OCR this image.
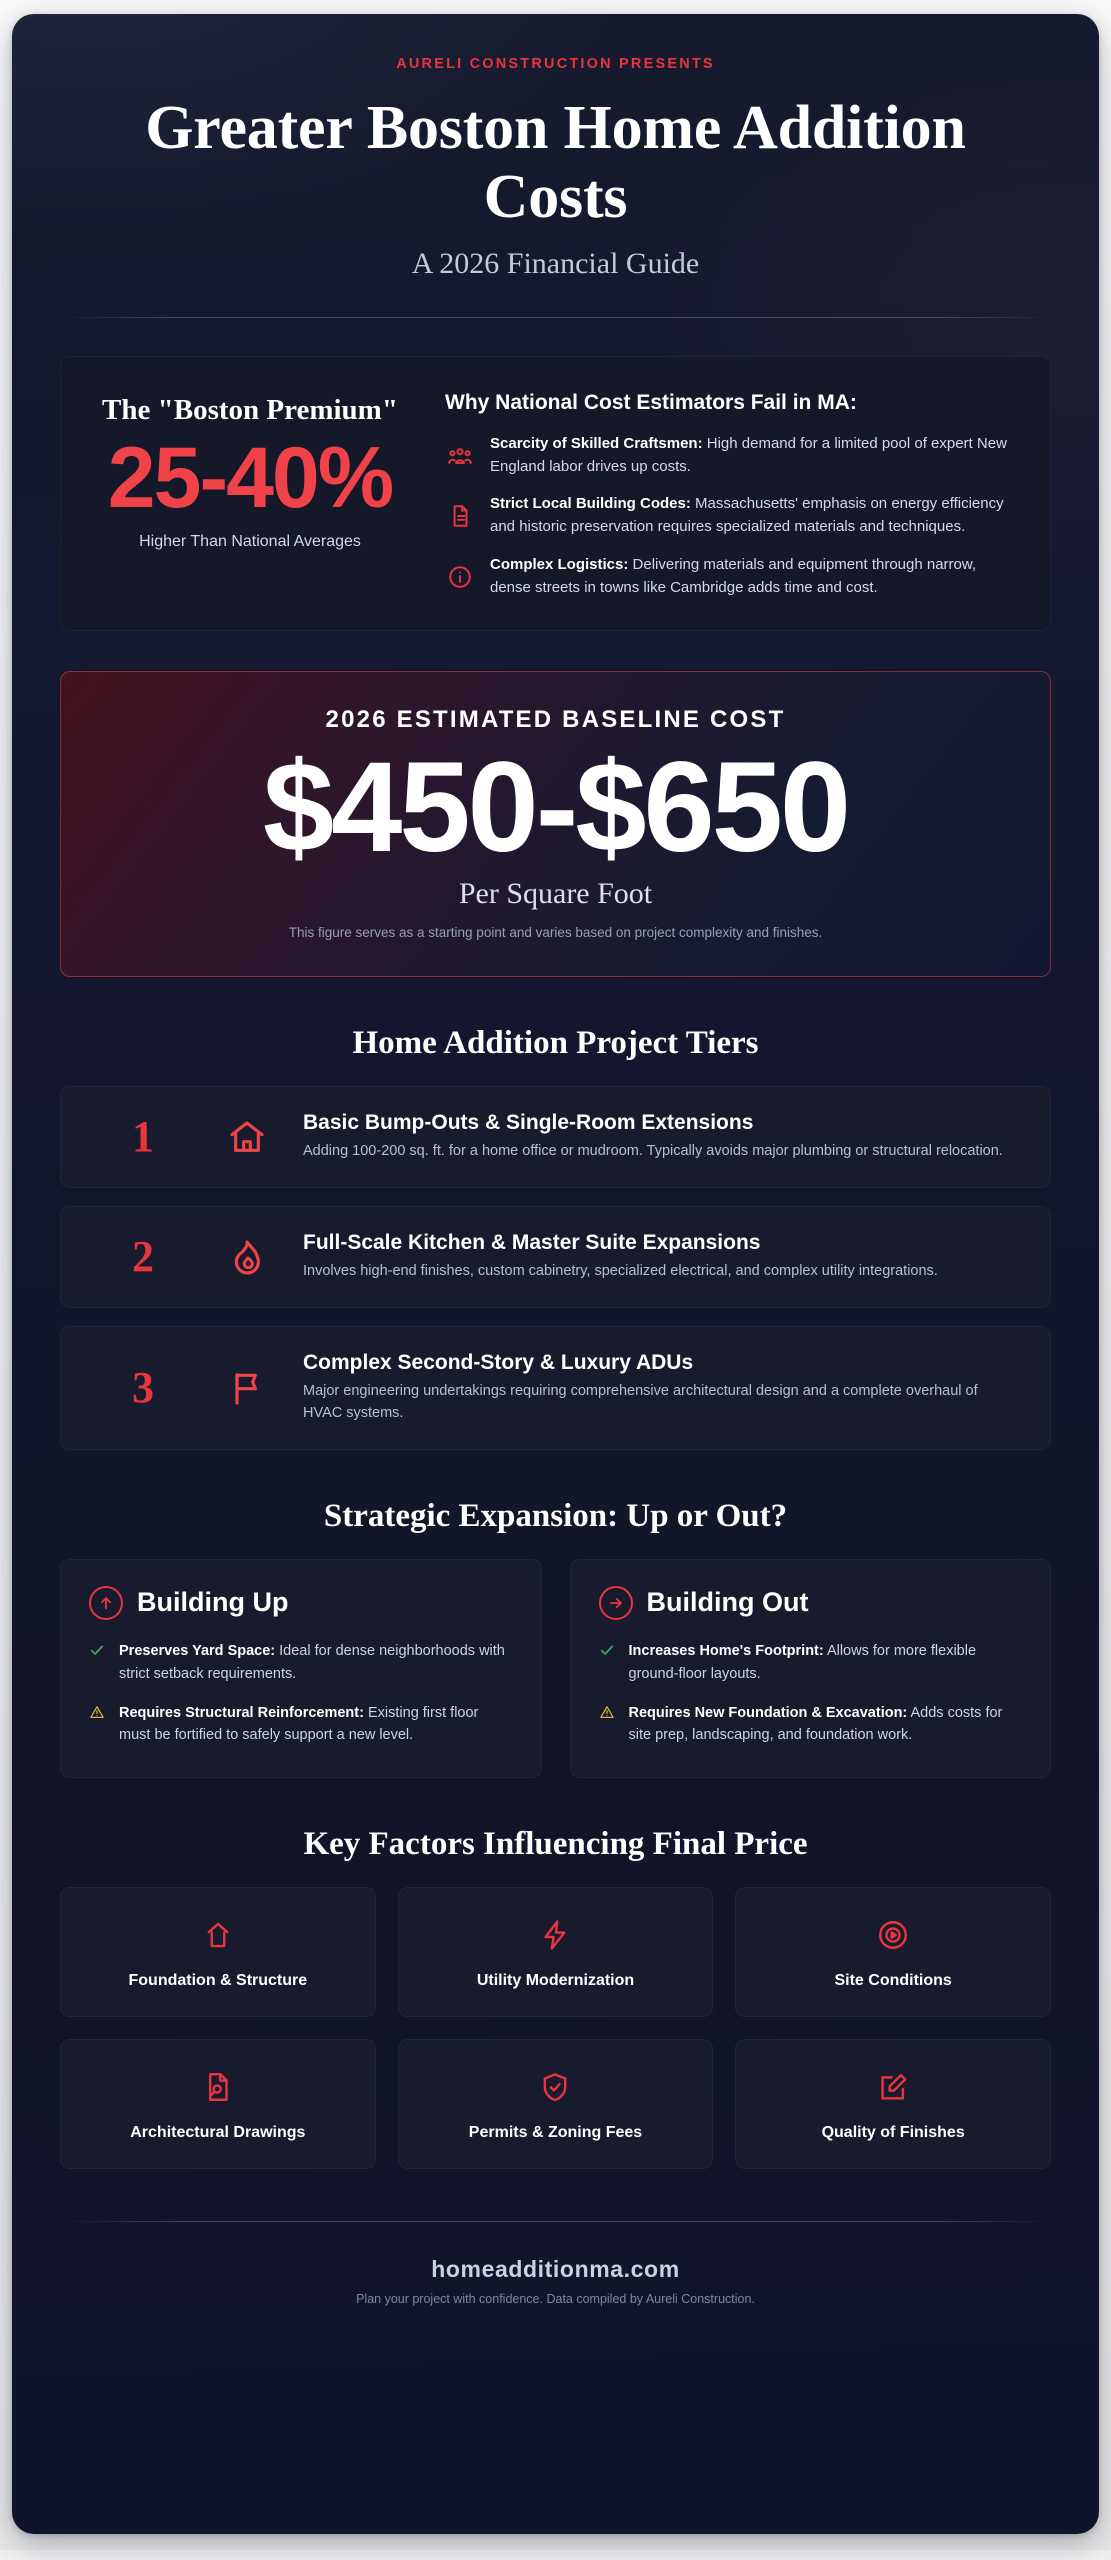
AURELI CONSTRUCTION PRESENTS
Greater Boston Home Addition Costs
A 2026 Financial Guide
The "Boston Premium"
25-40%
Higher Than National Averages
Why National Cost Estimators Fail in MA:
Scarcity of Skilled Craftsmen: High demand for a limited pool of expert New England labor drives up costs.
Strict Local Building Codes: Massachusetts' emphasis on energy efficiency and historic preservation requires specialized materials and techniques.
Complex Logistics: Delivering materials and equipment through narrow, dense streets in towns like Cambridge adds time and cost.
2026 ESTIMATED BASELINE COST
$450-$650
Per Square Foot
This figure serves as a starting point and varies based on project complexity and finishes.
Home Addition Project Tiers
1	Basic Bump-Outs & Single-Room Extensions
Adding 100-200 sq. ft. for a home office or mudroom. Typically avoids major plumbing or structural relocation.
2	Full-Scale Kitchen & Master Suite Expansions
Involves high-end finishes, custom cabinetry, specialized electrical, and complex utility integrations.
3
Complex Second-Story & Luxury ADUs
Major engineering undertakings requiring comprehensive architectural design and a complete overhaul of HVAC systems.
Strategic Expansion: Up or Out?
Building Up
Preserves Yard Space: Ideal for dense neighborhoods with strict setback requirements.
Requires Structural Reinforcement: Existing first floor must be fortified to safely support a new level.
Building Out
Increases Home's Footprint: Allows for more flexible ground-floor layouts.
Requires New Foundation & Excavation: Adds costs for site prep, landscaping, and foundation work.
Key Factors Influencing Final Price
Foundation & Structure	Utility Modernization	Site Conditions
Architectural Drawings	Permits & Zoning Fees	Quality of Finishes
homeadditionma.com
Plan your project with confidence. Data compiled by Aureli Construction.
